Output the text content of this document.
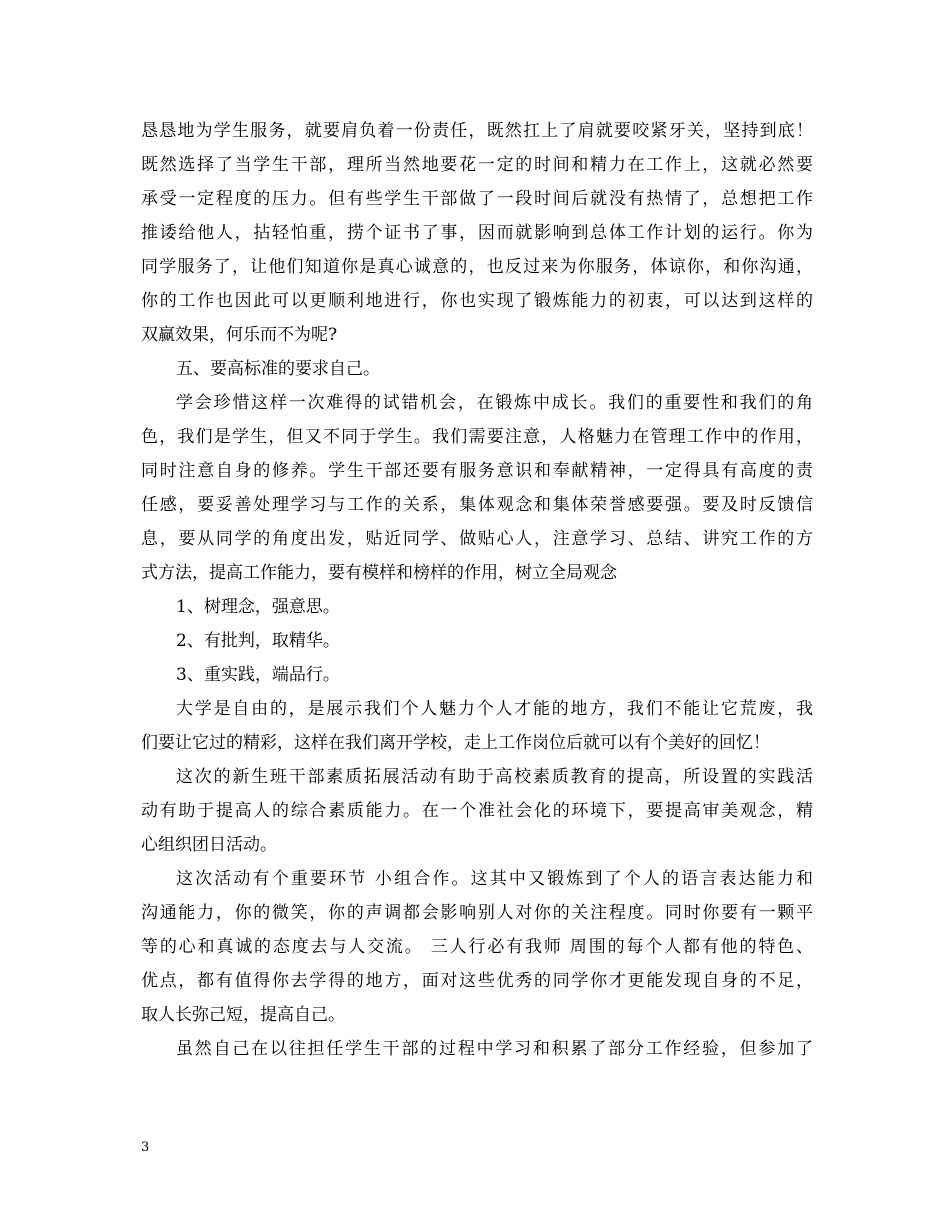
恳恳地为学生服务，就要肩负着一份责任，既然扛上了肩就要咬紧牙关，坚持到底！
既然选择了当学生干部，理所当然地要花一定的时间和精力在工作上，这就必然要
承受一定程度的压力。但有些学生干部做了一段时间后就没有热情了，总想把工作
推诿给他人，拈轻怕重，捞个证书了事，因而就影响到总体工作计划的运行。你为
同学服务了，让他们知道你是真心诚意的，也反过来为你服务，体谅你，和你沟通，
你的工作也因此可以更顺利地进行，你也实现了锻炼能力的初衷，可以达到这样的
双赢效果，何乐而不为呢?
五、要高标准的要求自己。
学会珍惜这样一次难得的试错机会，在锻炼中成长。我们的重要性和我们的角
色，我们是学生，但又不同于学生。我们需要注意，人格魅力在管理工作中的作用，
同时注意自身的修养。学生干部还要有服务意识和奉献精神，一定得具有高度的责
任感，要妥善处理学习与工作的关系，集体观念和集体荣誉感要强。要及时反馈信
息，要从同学的角度出发，贴近同学、做贴心人，注意学习、总结、讲究工作的方
式方法，提高工作能力，要有模样和榜样的作用，树立全局观念
1、树理念，强意思。
2、有批判，取精华。
3、重实践，端品行。
大学是自由的，是展示我们个人魅力个人才能的地方，我们不能让它荒废，我
们要让它过的精彩，这样在我们离开学校，走上工作岗位后就可以有个美好的回忆！
这次的新生班干部素质拓展活动有助于高校素质教育的提高，所设置的实践活
动有助于提高人的综合素质能力。在一个准社会化的环境下，要提高审美观念，精
心组织团日活动。
这次活动有个重要环节 小组合作。这其中又锻炼到了个人的语言表达能力和
沟通能力，你的微笑，你的声调都会影响别人对你的关注程度。同时你要有一颗平
等的心和真诚的态度去与人交流。 三人行必有我师 周围的每个人都有他的特色、
优点，都有值得你去学得的地方，面对这些优秀的同学你才更能发现自身的不足，
取人长弥己短，提高自己。
虽然自己在以往担任学生干部的过程中学习和积累了部分工作经验，但参加了
3
